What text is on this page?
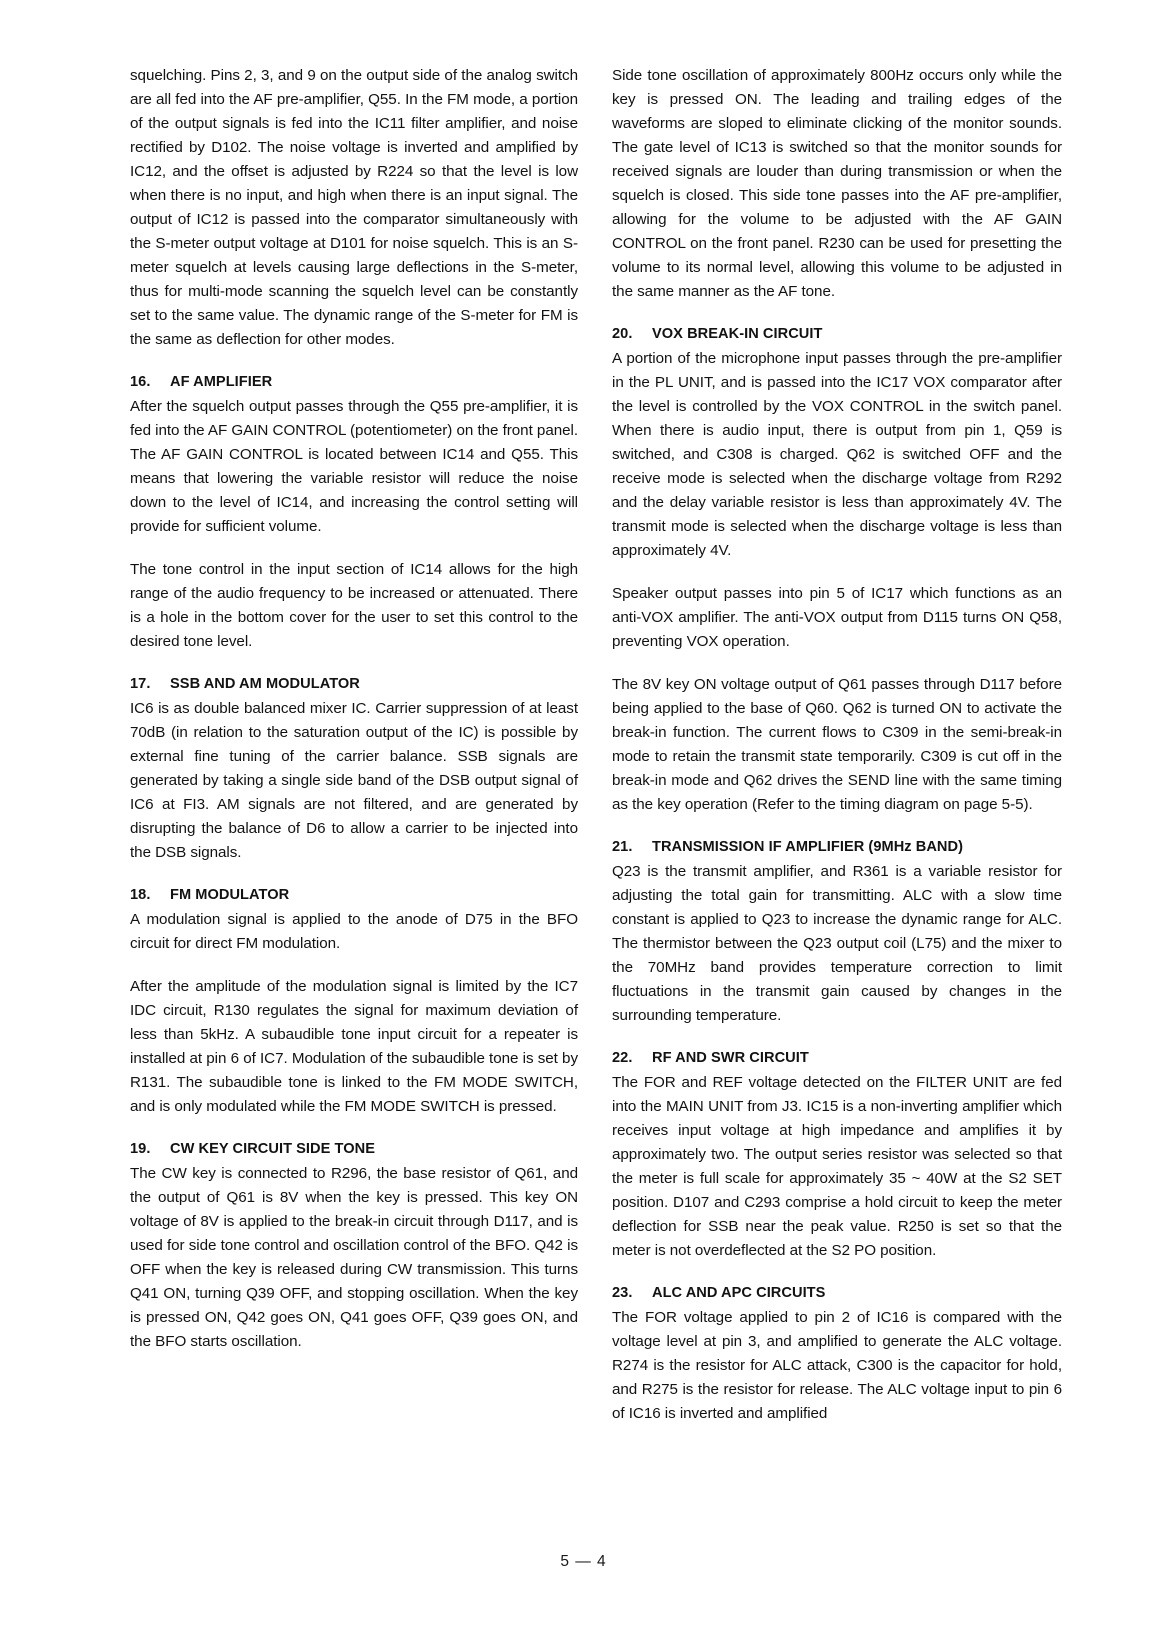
squelching. Pins 2, 3, and 9 on the output side of the analog switch are all fed into the AF pre-amplifier, Q55. In the FM mode, a portion of the output signals is fed into the IC11 filter amplifier, and noise rectified by D102. The noise voltage is inverted and amplified by IC12, and the offset is adjusted by R224 so that the level is low when there is no input, and high when there is an input signal. The output of IC12 is passed into the comparator simultaneously with the S-meter output voltage at D101 for noise squelch. This is an S-meter squelch at levels causing large deflections in the S-meter, thus for multi-mode scanning the squelch level can be constantly set to the same value. The dynamic range of the S-meter for FM is the same as deflection for other modes.

16. AF AMPLIFIER

After the squelch output passes through the Q55 pre-amplifier, it is fed into the AF GAIN CONTROL (potentiometer) on the front panel. The AF GAIN CONTROL is located between IC14 and Q55. This means that lowering the variable resistor will reduce the noise down to the level of IC14, and increasing the control setting will provide for sufficient volume.

The tone control in the input section of IC14 allows for the high range of the audio frequency to be increased or attenuated. There is a hole in the bottom cover for the user to set this control to the desired tone level.

17. SSB AND AM MODULATOR

IC6 is as double balanced mixer IC. Carrier suppression of at least 70dB (in relation to the saturation output of the IC) is possible by external fine tuning of the carrier balance. SSB signals are generated by taking a single side band of the DSB output signal of IC6 at FI3. AM signals are not filtered, and are generated by disrupting the balance of D6 to allow a carrier to be injected into the DSB signals.

18. FM MODULATOR

A modulation signal is applied to the anode of D75 in the BFO circuit for direct FM modulation.

After the amplitude of the modulation signal is limited by the IC7 IDC circuit, R130 regulates the signal for maximum deviation of less than 5kHz. A subaudible tone input circuit for a repeater is installed at pin 6 of IC7. Modulation of the subaudible tone is set by R131. The subaudible tone is linked to the FM MODE SWITCH, and is only modulated while the FM MODE SWITCH is pressed.

19. CW KEY CIRCUIT SIDE TONE

The CW key is connected to R296, the base resistor of Q61, and the output of Q61 is 8V when the key is pressed. This key ON voltage of 8V is applied to the break-in circuit through D117, and is used for side tone control and oscillation control of the BFO. Q42 is OFF when the key is released during CW transmission. This turns Q41 ON, turning Q39 OFF, and stopping oscillation. When the key is pressed ON, Q42 goes ON, Q41 goes OFF, Q39 goes ON, and the BFO starts oscillation.

Side tone oscillation of approximately 800Hz occurs only while the key is pressed ON. The leading and trailing edges of the waveforms are sloped to eliminate clicking of the monitor sounds. The gate level of IC13 is switched so that the monitor sounds for received signals are louder than during transmission or when the squelch is closed. This side tone passes into the AF pre-amplifier, allowing for the volume to be adjusted with the AF GAIN CONTROL on the front panel. R230 can be used for presetting the volume to its normal level, allowing this volume to be adjusted in the same manner as the AF tone.

20. VOX BREAK-IN CIRCUIT

A portion of the microphone input passes through the pre-amplifier in the PL UNIT, and is passed into the IC17 VOX comparator after the level is controlled by the VOX CONTROL in the switch panel. When there is audio input, there is output from pin 1, Q59 is switched, and C308 is charged. Q62 is switched OFF and the receive mode is selected when the discharge voltage from R292 and the delay variable resistor is less than approximately 4V. The transmit mode is selected when the discharge voltage is less than approximately 4V.

Speaker output passes into pin 5 of IC17 which functions as an anti-VOX amplifier. The anti-VOX output from D115 turns ON Q58, preventing VOX operation.

The 8V key ON voltage output of Q61 passes through D117 before being applied to the base of Q60. Q62 is turned ON to activate the break-in function. The current flows to C309 in the semi-break-in mode to retain the transmit state temporarily. C309 is cut off in the break-in mode and Q62 drives the SEND line with the same timing as the key operation (Refer to the timing diagram on page 5-5).

21. TRANSMISSION IF AMPLIFIER (9MHz BAND)

Q23 is the transmit amplifier, and R361 is a variable resistor for adjusting the total gain for transmitting. ALC with a slow time constant is applied to Q23 to increase the dynamic range for ALC. The thermistor between the Q23 output coil (L75) and the mixer to the 70MHz band provides temperature correction to limit fluctuations in the transmit gain caused by changes in the surrounding temperature.

22. RF AND SWR CIRCUIT

The FOR and REF voltage detected on the FILTER UNIT are fed into the MAIN UNIT from J3. IC15 is a non-inverting amplifier which receives input voltage at high impedance and amplifies it by approximately two. The output series resistor was selected so that the meter is full scale for approximately 35 ~ 40W at the S2 SET position. D107 and C293 comprise a hold circuit to keep the meter deflection for SSB near the peak value. R250 is set so that the meter is not overdeflected at the S2 PO position.

23. ALC AND APC CIRCUITS

The FOR voltage applied to pin 2 of IC16 is compared with the voltage level at pin 3, and amplified to generate the ALC voltage. R274 is the resistor for ALC attack, C300 is the capacitor for hold, and R275 is the resistor for release. The ALC voltage input to pin 6 of IC16 is inverted and amplified

5 — 4
